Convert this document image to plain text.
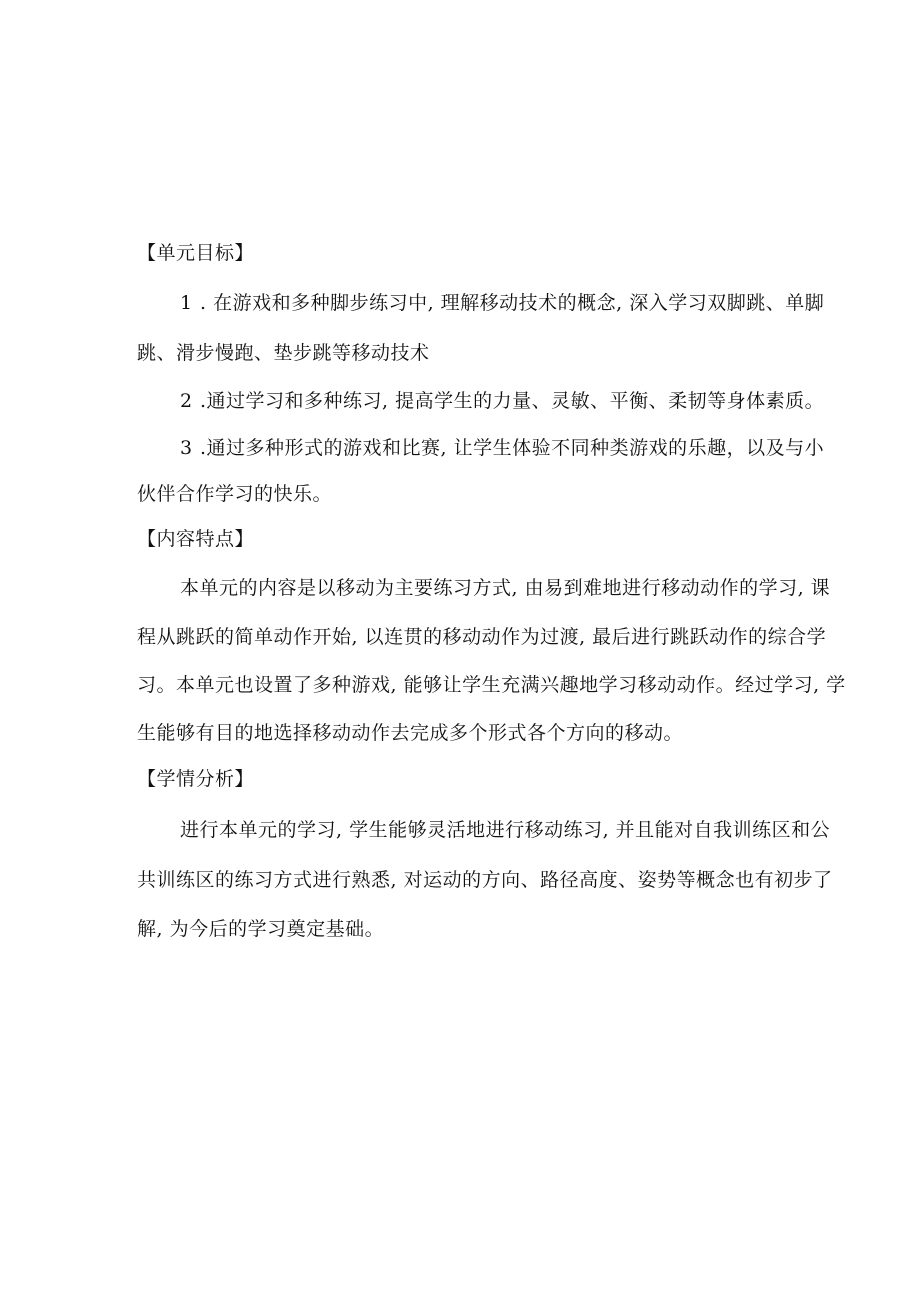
【单元目标】
1 . 在游戏和多种脚步练习中, 理解移动技术的概念, 深入学习双脚跳、单脚
跳、滑步慢跑、垫步跳等移动技术
2 .通过学习和多种练习, 提高学生的力量、灵敏、平衡、柔韧等身体素质。
3 .通过多种形式的游戏和比赛, 让学生体验不同种类游戏的乐趣，以及与小
伙伴合作学习的快乐。
【内容特点】
本单元的内容是以移动为主要练习方式, 由易到难地进行移动动作的学习, 课
程从跳跃的简单动作开始, 以连贯的移动动作为过渡, 最后进行跳跃动作的综合学
习。本单元也设置了多种游戏, 能够让学生充满兴趣地学习移动动作。经过学习, 学
生能够有目的地选择移动动作去完成多个形式各个方向的移动。
【学情分析】
进行本单元的学习, 学生能够灵活地进行移动练习, 并且能对自我训练区和公
共训练区的练习方式进行熟悉, 对运动的方向、路径高度、姿势等概念也有初步了
解, 为今后的学习奠定基础。
